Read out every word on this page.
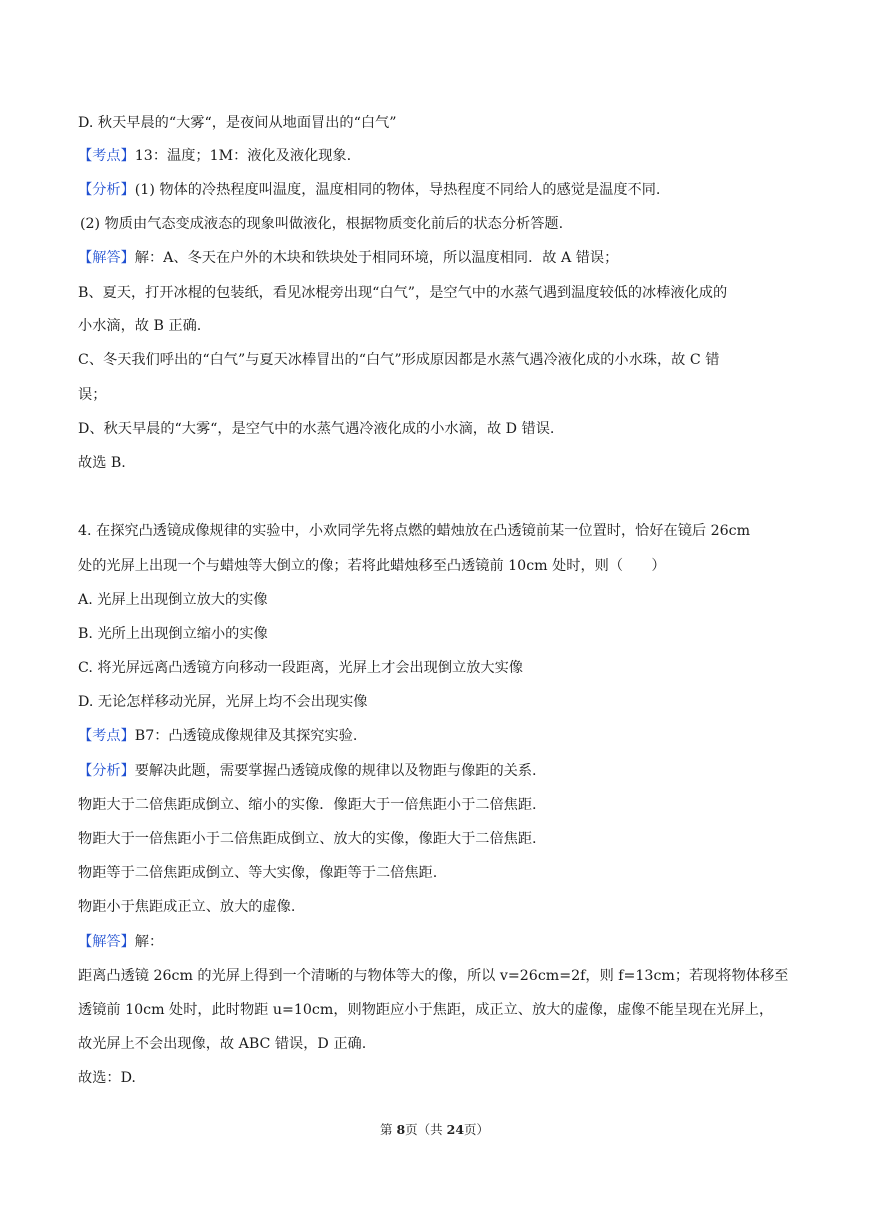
D. 秋天早晨的“大雾“，是夜间从地面冒出的“白气”
【考点】13：温度；1M：液化及液化现象.
【分析】(1) 物体的冷热程度叫温度，温度相同的物体，导热程度不同给人的感觉是温度不同.
(2) 物质由气态变成液态的现象叫做液化，根据物质变化前后的状态分析答题.
【解答】解：A、冬天在户外的木块和铁块处于相同环境，所以温度相同．故 A 错误；
B、夏天，打开冰棍的包装纸，看见冰棍旁出现“白气”，是空气中的水蒸气遇到温度较低的冰棒液化成的
小水滴，故 B 正确.
C、冬天我们呼出的“白气”与夏天冰棒冒出的“白气”形成原因都是水蒸气遇冷液化成的小水珠，故 C 错
误；
D、秋天早晨的“大雾“，是空气中的水蒸气遇冷液化成的小水滴，故 D 错误.
故选 B.
4. 在探究凸透镜成像规律的实验中，小欢同学先将点燃的蜡烛放在凸透镜前某一位置时，恰好在镜后 26cm
处的光屏上出现一个与蜡烛等大倒立的像；若将此蜡烛移至凸透镜前 10cm 处时，则（　　）
A. 光屏上出现倒立放大的实像
B. 光所上出现倒立缩小的实像
C. 将光屏远离凸透镜方向移动一段距离，光屏上才会出现倒立放大实像
D. 无论怎样移动光屏，光屏上均不会出现实像
【考点】B7：凸透镜成像规律及其探究实验.
【分析】要解决此题，需要掌握凸透镜成像的规律以及物距与像距的关系.
物距大于二倍焦距成倒立、缩小的实像．像距大于一倍焦距小于二倍焦距.
物距大于一倍焦距小于二倍焦距成倒立、放大的实像，像距大于二倍焦距.
物距等于二倍焦距成倒立、等大实像，像距等于二倍焦距.
物距小于焦距成正立、放大的虚像.
【解答】解：
距离凸透镜 26cm 的光屏上得到一个清晰的与物体等大的像，所以 v=26cm=2f，则 f=13cm；若现将物体移至
透镜前 10cm 处时，此时物距 u=10cm，则物距应小于焦距，成正立、放大的虚像，虚像不能呈现在光屏上，
故光屏上不会出现像，故 ABC 错误，D 正确.
故选：D.
第 8页（共 24页）
